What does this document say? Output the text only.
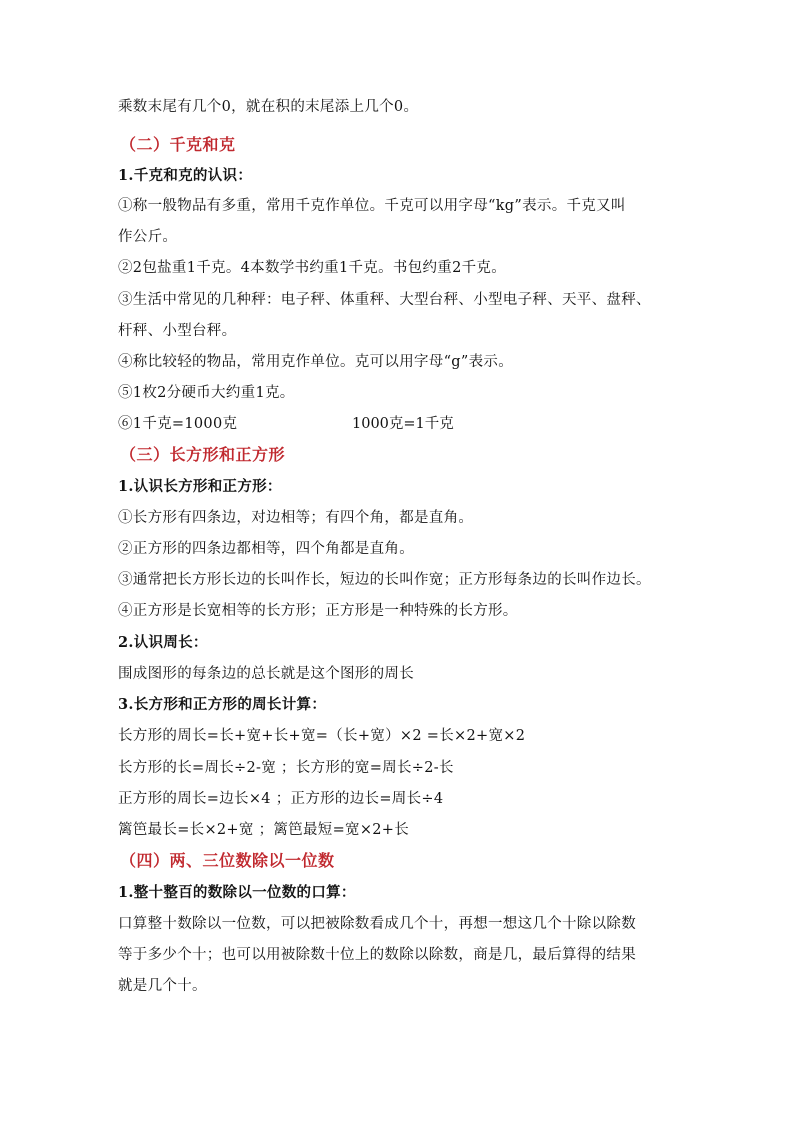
乘数末尾有几个0，就在积的末尾添上几个0。
（二）千克和克
1.千克和克的认识：
①称一般物品有多重，常用千克作单位。千克可以用字母“kg”表示。千克又叫
作公斤。
②2包盐重1千克。4本数学书约重1千克。书包约重2千克。
③生活中常见的几种秤：电子秤、体重秤、大型台秤、小型电子秤、天平、盘秤、
杆秤、小型台秤。
④称比较轻的物品，常用克作单位。克可以用字母“g”表示。
⑤1枚2分硬币大约重1克。
⑥1千克=1000克	1000克=1千克
（三）长方形和正方形
1.认识长方形和正方形：
①长方形有四条边，对边相等；有四个角，都是直角。
②正方形的四条边都相等，四个角都是直角。
③通常把长方形长边的长叫作长，短边的长叫作宽；正方形每条边的长叫作边长。
④正方形是长宽相等的长方形；正方形是一种特殊的长方形。
2.认识周长：
围成图形的每条边的总长就是这个图形的周长
3.长方形和正方形的周长计算：
长方形的周长=长+宽+长+宽=（长+宽）×2 =长×2+宽×2
长方形的长=周长÷2-宽 ；长方形的宽=周长÷2-长
正方形的周长=边长×4 ；正方形的边长=周长÷4
篱笆最长=长×2+宽 ；篱笆最短=宽×2+长
（四）两、三位数除以一位数
1.整十整百的数除以一位数的口算：
口算整十数除以一位数，可以把被除数看成几个十，再想一想这几个十除以除数
等于多少个十；也可以用被除数十位上的数除以除数，商是几，最后算得的结果
就是几个十。
